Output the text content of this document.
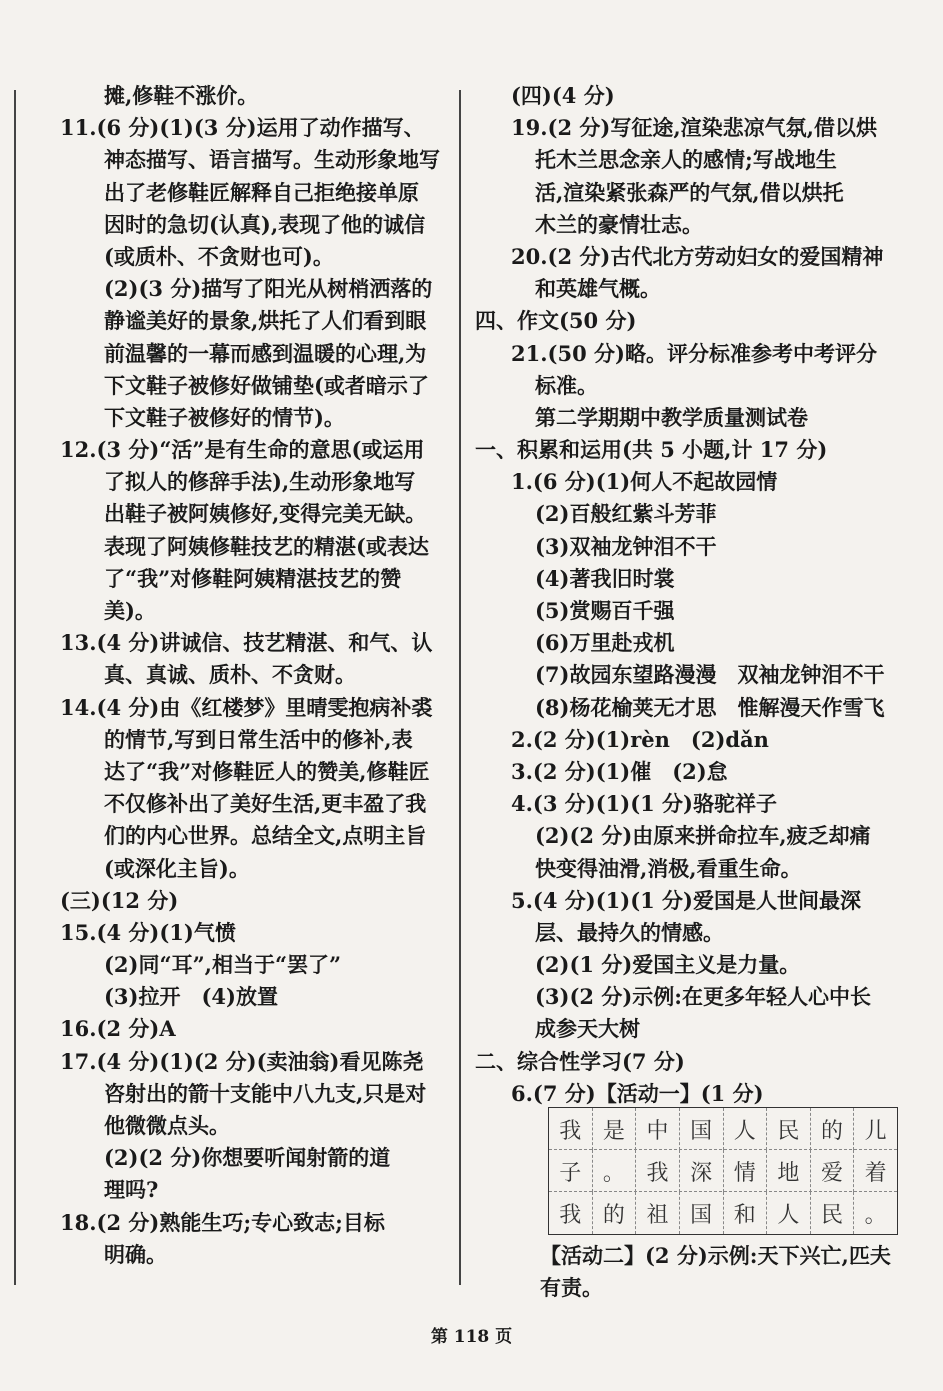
摊,修鞋不涨价。
11.(6 分)(1)(3 分)运用了动作描写、
神态描写、语言描写。生动形象地写
出了老修鞋匠解释自己拒绝接单原
因时的急切(认真),表现了他的诚信
(或质朴、不贪财也可)。
(2)(3 分)描写了阳光从树梢洒落的
静谧美好的景象,烘托了人们看到眼
前温馨的一幕而感到温暖的心理,为
下文鞋子被修好做铺垫(或者暗示了
下文鞋子被修好的情节)。
12.(3 分)“活”是有生命的意思(或运用
了拟人的修辞手法),生动形象地写
出鞋子被阿姨修好,变得完美无缺。
表现了阿姨修鞋技艺的精湛(或表达
了“我”对修鞋阿姨精湛技艺的赞
美)。
13.(4 分)讲诚信、技艺精湛、和气、认
真、真诚、质朴、不贪财。
14.(4 分)由《红楼梦》里晴雯抱病补裘
的情节,写到日常生活中的修补,表
达了“我”对修鞋匠人的赞美,修鞋匠
不仅修补出了美好生活,更丰盈了我
们的内心世界。总结全文,点明主旨
(或深化主旨)。
(三)(12 分)
15.(4 分)(1)气愤
(2)同“耳”,相当于“罢了”
(3)拉开　(4)放置
16.(2 分)A
17.(4 分)(1)(2 分)(卖油翁)看见陈尧
咨射出的箭十支能中八九支,只是对
他微微点头。
(2)(2 分)你想要听闻射箭的道
理吗?
18.(2 分)熟能生巧;专心致志;目标
明确。
(四)(4 分)
19.(2 分)写征途,渲染悲凉气氛,借以烘
托木兰思念亲人的感情;写战地生
活,渲染紧张森严的气氛,借以烘托
木兰的豪情壮志。
20.(2 分)古代北方劳动妇女的爱国精神
和英雄气概。
四、作文(50 分)
21.(50 分)略。评分标准参考中考评分
标准。
第二学期期中教学质量测试卷
一、积累和运用(共 5 小题,计 17 分)
1.(6 分)(1)何人不起故园情
(2)百般红紫斗芳菲
(3)双袖龙钟泪不干
(4)著我旧时裳
(5)赏赐百千强
(6)万里赴戎机
(7)故园东望路漫漫　双袖龙钟泪不干
(8)杨花榆荚无才思　惟解漫天作雪飞
2.(2 分)(1)rèn　(2)dǎn
3.(2 分)(1)催　(2)怠
4.(3 分)(1)(1 分)骆驼祥子
(2)(2 分)由原来拼命拉车,疲乏却痛
快变得油滑,消极,看重生命。
5.(4 分)(1)(1 分)爱国是人世间最深
层、最持久的情感。
(2)(1 分)爱国主义是力量。
(3)(2 分)示例:在更多年轻人心中长
成参天大树
二、综合性学习(7 分)
6.(7 分)【活动一】(1 分)
我 是 中 国 人 民 的 儿
子 。 我 深 情 地 爱 着
我 的 祖 国 和 人 民 。
【活动二】(2 分)示例:天下兴亡,匹夫
有责。
第 118 页
